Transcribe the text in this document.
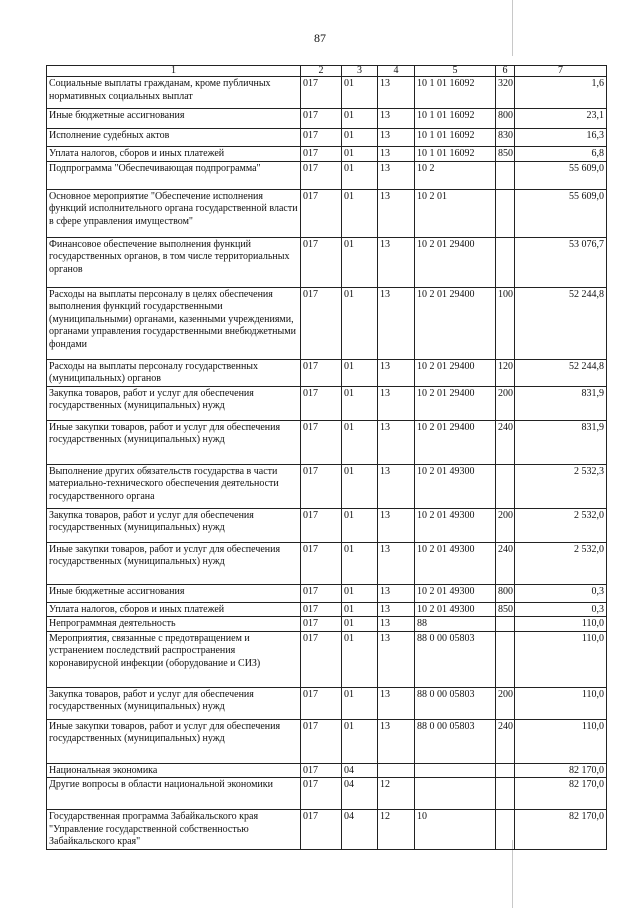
87
1	2	3	4	5	6	7
Социальные выплаты гражданам, кроме публичных нормативных социальных выплат	017	01	13	10 1 01 16092	320	1,6
Иные бюджетные ассигнования	017	01	13	10 1 01 16092	800	23,1
Исполнение судебных актов	017	01	13	10 1 01 16092	830	16,3
Уплата налогов, сборов и иных платежей	017	01	13	10 1 01 16092	850	6,8
Подпрограмма "Обеспечивающая подпрограмма"	017	01	13	10 2		55 609,0
Основное мероприятие "Обеспечение исполнения функций исполнительного органа государственной власти в сфере управления имуществом"	017	01	13	10 2 01		55 609,0
Финансовое обеспечение выполнения функций государственных органов, в том числе территориальных органов	017	01	13	10 2 01 29400		53 076,7
Расходы на выплаты персоналу в целях обеспечения выполнения функций государственными (муниципальными) органами, казенными учреждениями, органами управления государственными внебюджетными фондами	017	01	13	10 2 01 29400	100	52 244,8
Расходы на выплаты персоналу государственных (муниципальных) органов	017	01	13	10 2 01 29400	120	52 244,8
Закупка товаров, работ и услуг для обеспечения государственных (муниципальных) нужд	017	01	13	10 2 01 29400	200	831,9
Иные закупки товаров, работ и услуг для обеспечения государственных (муниципальных) нужд	017	01	13	10 2 01 29400	240	831,9
Выполнение других обязательств государства в части материально-технического обеспечения деятельности государственного органа	017	01	13	10 2 01 49300		2 532,3
Закупка товаров, работ и услуг для обеспечения государственных (муниципальных) нужд	017	01	13	10 2 01 49300	200	2 532,0
Иные закупки товаров, работ и услуг для обеспечения государственных (муниципальных) нужд	017	01	13	10 2 01 49300	240	2 532,0
Иные бюджетные ассигнования	017	01	13	10 2 01 49300	800	0,3
Уплата налогов, сборов и иных платежей	017	01	13	10 2 01 49300	850	0,3
Непрограммная деятельность	017	01	13	88		110,0
Мероприятия, связанные с предотвращением и устранением последствий распространения коронавирусной инфекции (оборудование и СИЗ)	017	01	13	88 0 00 05803		110,0
Закупка товаров, работ и услуг для обеспечения государственных (муниципальных) нужд	017	01	13	88 0 00 05803	200	110,0
Иные закупки товаров, работ и услуг для обеспечения государственных (муниципальных) нужд	017	01	13	88 0 00 05803	240	110,0
Национальная экономика	017	04				82 170,0
Другие вопросы в области национальной экономики	017	04	12			82 170,0
Государственная программа Забайкальского края "Управление государственной собственностью Забайкальского края"	017	04	12	10		82 170,0
